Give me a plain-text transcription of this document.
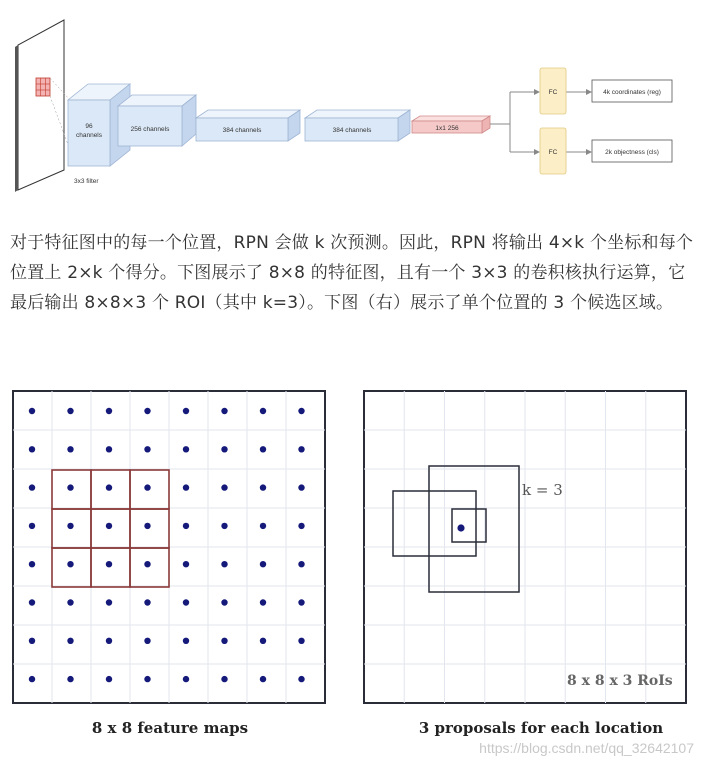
3x3 filter
96
channels
256 channels	384 channels	384 channels	1x1 256
FC
FC
4k coordinates (reg)
2k objectness (cls)
对于特征图中的每一个位置，RPN 会做 k 次预测。因此，RPN 将输出 4×k 个坐标和每个位置上 2×k 个得分。下图展示了 8×8 的特征图，且有一个 3×3 的卷积核执行运算，它最后输出 8×8×3 个 ROI（其中 k=3）。下图（右）展示了单个位置的 3 个候选区域。
8 x 8 feature maps
k = 3
8 x 8 x 3 RoIs
3 proposals for each location
https://blog.csdn.net/qq_32642107
